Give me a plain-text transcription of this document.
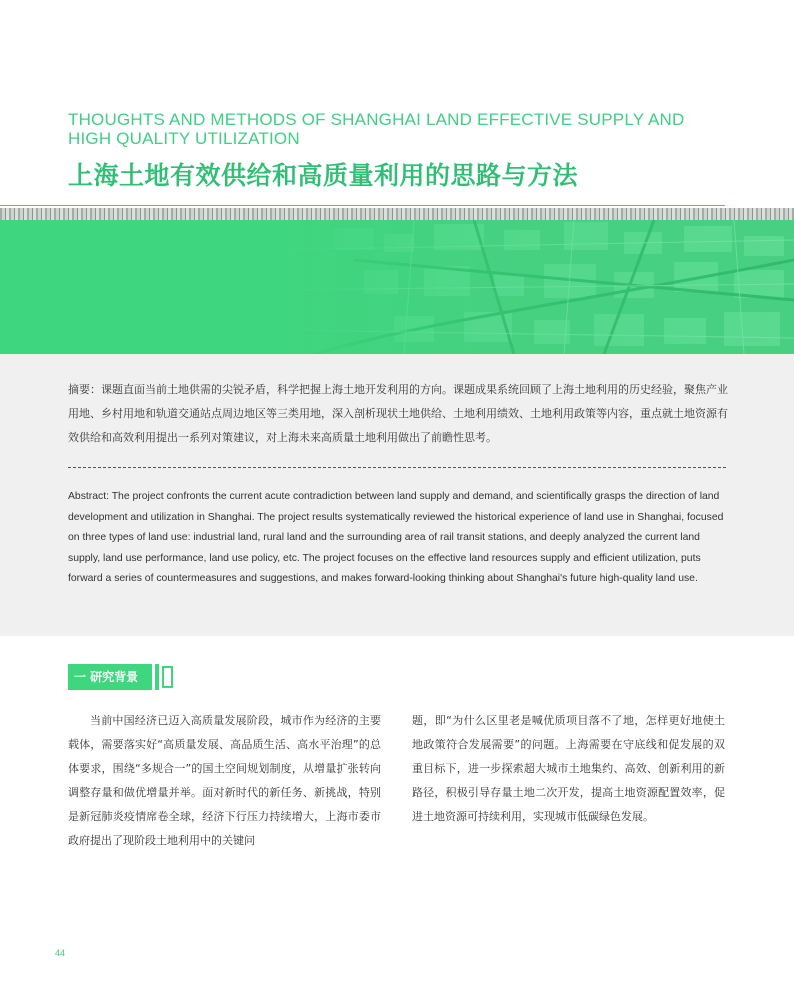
THOUGHTS AND METHODS OF SHANGHAI LAND EFFECTIVE SUPPLY AND HIGH QUALITY UTILIZATION
上海土地有效供给和高质量利用的思路与方法
摘要：课题直面当前土地供需的尖锐矛盾，科学把握上海土地开发利用的方向。课题成果系统回顾了上海土地利用的历史经验，聚焦产业用地、乡村用地和轨道交通站点周边地区等三类用地，深入剖析现状土地供给、土地利用绩效、土地利用政策等内容，重点就土地资源有效供给和高效利用提出一系列对策建议，对上海未来高质量土地利用做出了前瞻性思考。
Abstract: The project confronts the current acute contradiction between land supply and demand, and scientifically grasps the direction of land development and utilization in Shanghai. The project results systematically reviewed the historical experience of land use in Shanghai, focused on three types of land use: industrial land, rural land and the surrounding area of rail transit stations, and deeply analyzed the current land supply, land use performance, land use policy, etc. The project focuses on the effective land resources supply and efficient utilization, puts forward a series of countermeasures and suggestions, and makes forward-looking thinking about Shanghai's future high-quality land use.
一 研究背景
当前中国经济已迈入高质量发展阶段，城市作为经济的主要载体，需要落实好“高质量发展、高品质生活、高水平治理”的总体要求，围绕“多规合一”的国土空间规划制度，从增量扩张转向调整存量和做优增量并举。面对新时代的新任务、新挑战，特别是新冠肺炎疫情席卷全球，经济下行压力持续增大，上海市委市政府提出了现阶段土地利用中的关键问
题，即“为什么区里老是喊优质项目落不了地，怎样更好地使土地政策符合发展需要”的问题。上海需要在守底线和促发展的双重目标下，进一步探索超大城市土地集约、高效、创新利用的新路径，积极引导存量土地二次开发，提高土地资源配置效率，促进土地资源可持续利用，实现城市低碳绿色发展。
44
